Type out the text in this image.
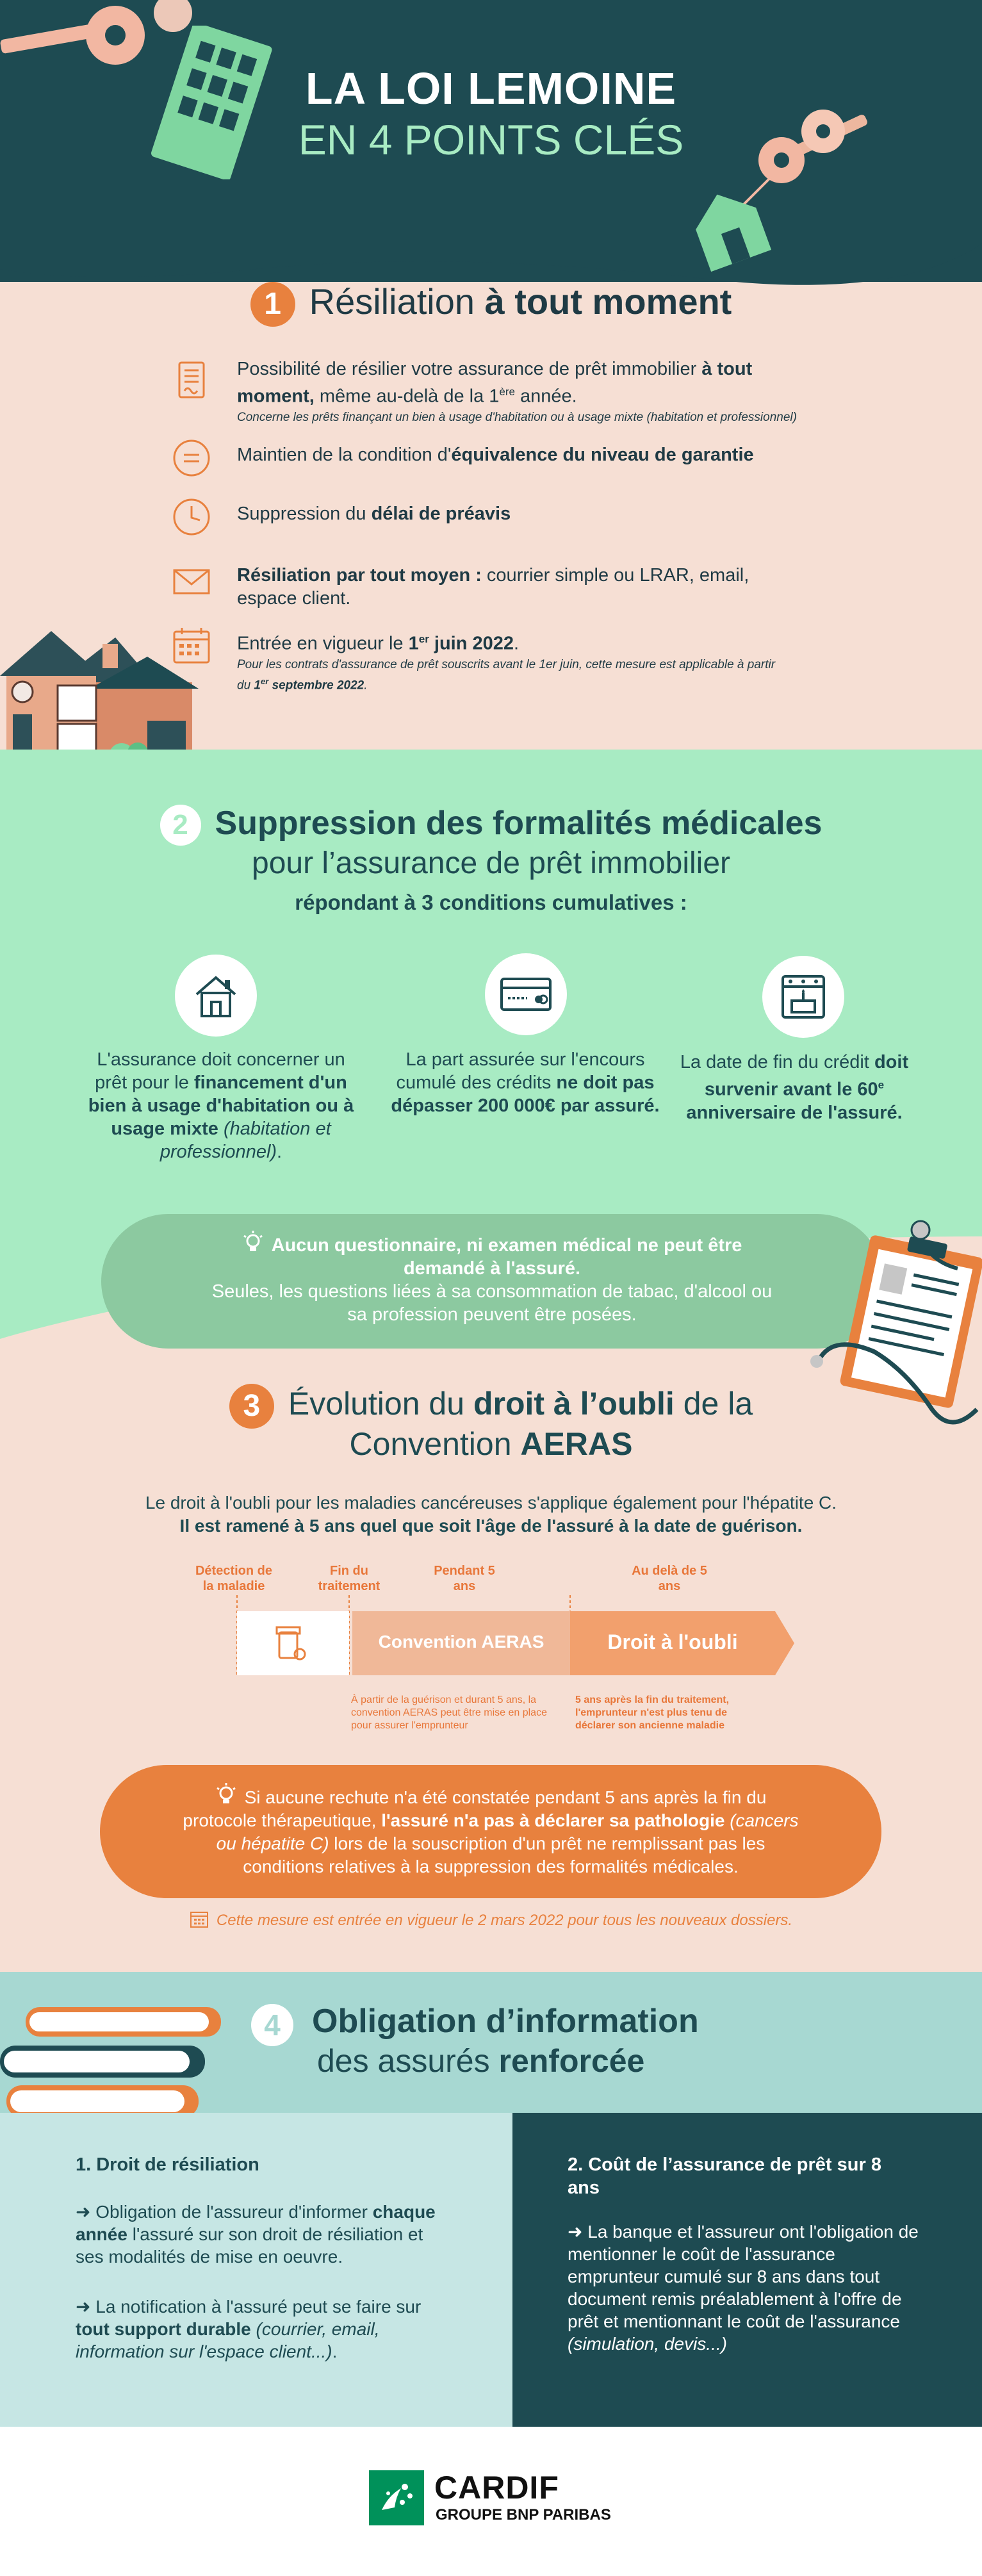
LA LOI LEMOINE
EN 4 POINTS CLÉS
1 Résiliation à tout moment
Possibilité de résilier votre assurance de prêt immobilier à tout moment, même au-delà de la 1ère année.
Concerne les prêts finançant un bien à usage d'habitation ou à usage mixte (habitation et professionnel)
Maintien de la condition d'équivalence du niveau de garantie
Suppression du délai de préavis
Résiliation par tout moyen : courrier simple ou LRAR, email, espace client.
Entrée en vigueur le 1er juin 2022.
Pour les contrats d'assurance de prêt souscrits avant le 1er juin, cette mesure est applicable à partir du 1er septembre 2022.
2 Suppression des formalités médicales
pour l’assurance de prêt immobilier
répondant à 3 conditions cumulatives :
L'assurance doit concerner un prêt pour le financement d'un bien à usage d'habitation ou à usage mixte (habitation et professionnel).
La part assurée sur l'encours cumulé des crédits ne doit pas dépasser 200 000€ par assuré.
La date de fin du crédit doit survenir avant le 60e anniversaire de l'assuré.
Aucun questionnaire, ni examen médical ne peut être demandé à l'assuré.
Seules, les questions liées à sa consommation de tabac, d'alcool ou sa profession peuvent être posées.
3 Évolution du droit à l’oubli de la
Convention AERAS
Le droit à l'oubli pour les maladies cancéreuses s'applique également pour l'hépatite C.
Il est ramené à 5 ans quel que soit l'âge de l'assuré à la date de guérison.
Détection de la maladie
Fin du traitement
Pendant 5 ans
Au delà de 5 ans
Convention AERAS	Droit à l'oubli
À partir de la guérison et durant 5 ans, la convention AERAS peut être mise en place pour assurer l'emprunteur
5 ans après la fin du traitement, l'emprunteur n'est plus tenu de déclarer son ancienne maladie
Si aucune rechute n'a été constatée pendant 5 ans après la fin du protocole thérapeutique, l'assuré n'a pas à déclarer sa pathologie (cancers ou hépatite C) lors de la souscription d'un prêt ne remplissant pas les conditions relatives à la suppression des formalités médicales.
Cette mesure est entrée en vigueur le 2 mars 2022 pour tous les nouveaux dossiers.
4 Obligation d’information
des assurés renforcée
1. Droit de résiliation
➜ Obligation de l'assureur d'informer chaque année l'assuré sur son droit de résiliation et ses modalités de mise en oeuvre.
➜ La notification à l'assuré peut se faire sur tout support durable (courrier, email, information sur l'espace client...).
2. Coût de l’assurance de prêt sur 8 ans
➜ La banque et l'assureur ont l'obligation de mentionner le coût de l'assurance emprunteur cumulé sur 8 ans dans tout document remis préalablement à l'offre de prêt et mentionnant le coût de l'assurance (simulation, devis...)
CARDIF
GROUPE BNP PARIBAS
